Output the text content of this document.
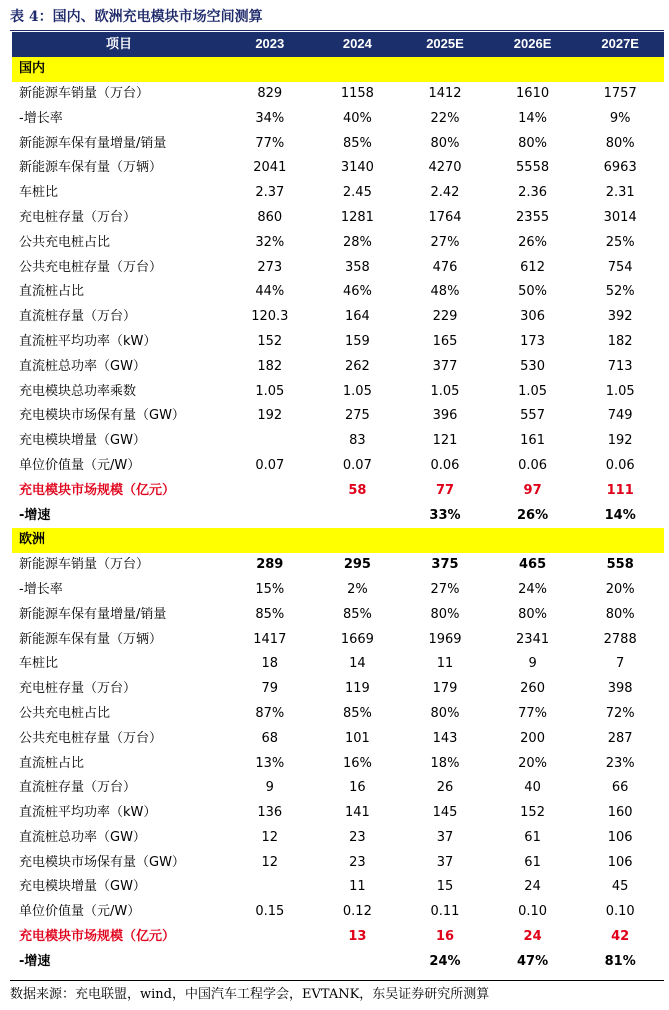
表 4：国内、欧洲充电模块市场空间测算
项目	2023	2024	2025E	2026E	2027E
国内					
新能源车销量（万台）	829	1158	1412	1610	1757
-增长率	34%	40%	22%	14%	9%
新能源车保有量增量/销量	77%	85%	80%	80%	80%
新能源车保有量（万辆）	2041	3140	4270	5558	6963
车桩比	2.37	2.45	2.42	2.36	2.31
充电桩存量（万台）	860	1281	1764	2355	3014
公共充电桩占比	32%	28%	27%	26%	25%
公共充电桩存量（万台）	273	358	476	612	754
直流桩占比	44%	46%	48%	50%	52%
直流桩存量（万台）	120.3	164	229	306	392
直流桩平均功率（kW）	152	159	165	173	182
直流桩总功率（GW）	182	262	377	530	713
充电模块总功率乘数	1.05	1.05	1.05	1.05	1.05
充电模块市场保有量（GW）	192	275	396	557	749
充电模块增量（GW）		83	121	161	192
单位价值量（元/W）	0.07	0.07	0.06	0.06	0.06
充电模块市场规模（亿元）		58	77	97	111
-增速			33%	26%	14%
欧洲					
新能源车销量（万台）	289	295	375	465	558
-增长率	15%	2%	27%	24%	20%
新能源车保有量增量/销量	85%	85%	80%	80%	80%
新能源车保有量（万辆）	1417	1669	1969	2341	2788
车桩比	18	14	11	9	7
充电桩存量（万台）	79	119	179	260	398
公共充电桩占比	87%	85%	80%	77%	72%
公共充电桩存量（万台）	68	101	143	200	287
直流桩占比	13%	16%	18%	20%	23%
直流桩存量（万台）	9	16	26	40	66
直流桩平均功率（kW）	136	141	145	152	160
直流桩总功率（GW）	12	23	37	61	106
充电模块市场保有量（GW）	12	23	37	61	106
充电模块增量（GW）		11	15	24	45
单位价值量（元/W）	0.15	0.12	0.11	0.10	0.10
充电模块市场规模（亿元）		13	16	24	42
-增速			24%	47%	81%
数据来源：充电联盟，wind，中国汽车工程学会，EVTANK，东吴证券研究所测算
